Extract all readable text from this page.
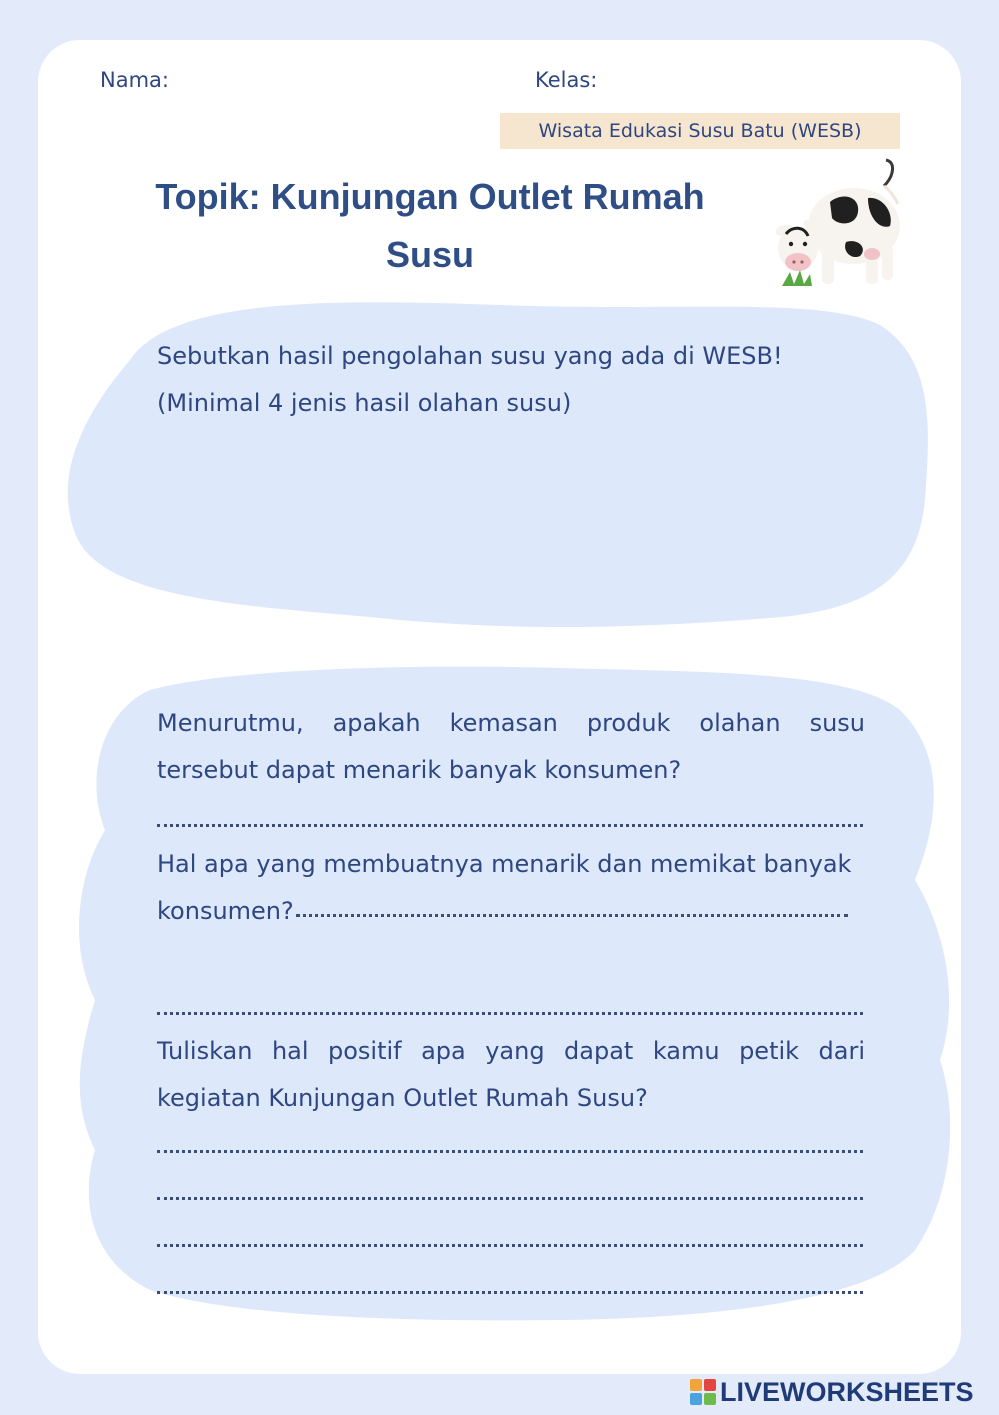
Nama:	Kelas:
Wisata Edukasi Susu Batu (WESB)
Topik: Kunjungan Outlet Rumah
Susu
Sebutkan hasil pengolahan susu yang ada di WESB!
(Minimal 4 jenis hasil olahan susu)
Menurutmu, apakah kemasan produk olahan susu tersebut dapat menarik banyak konsumen?
Hal apa yang membuatnya menarik dan memikat banyak
konsumen?
Tuliskan hal positif apa yang dapat kamu petik dari kegiatan Kunjungan Outlet Rumah Susu?
LIVEWORKSHEETS
